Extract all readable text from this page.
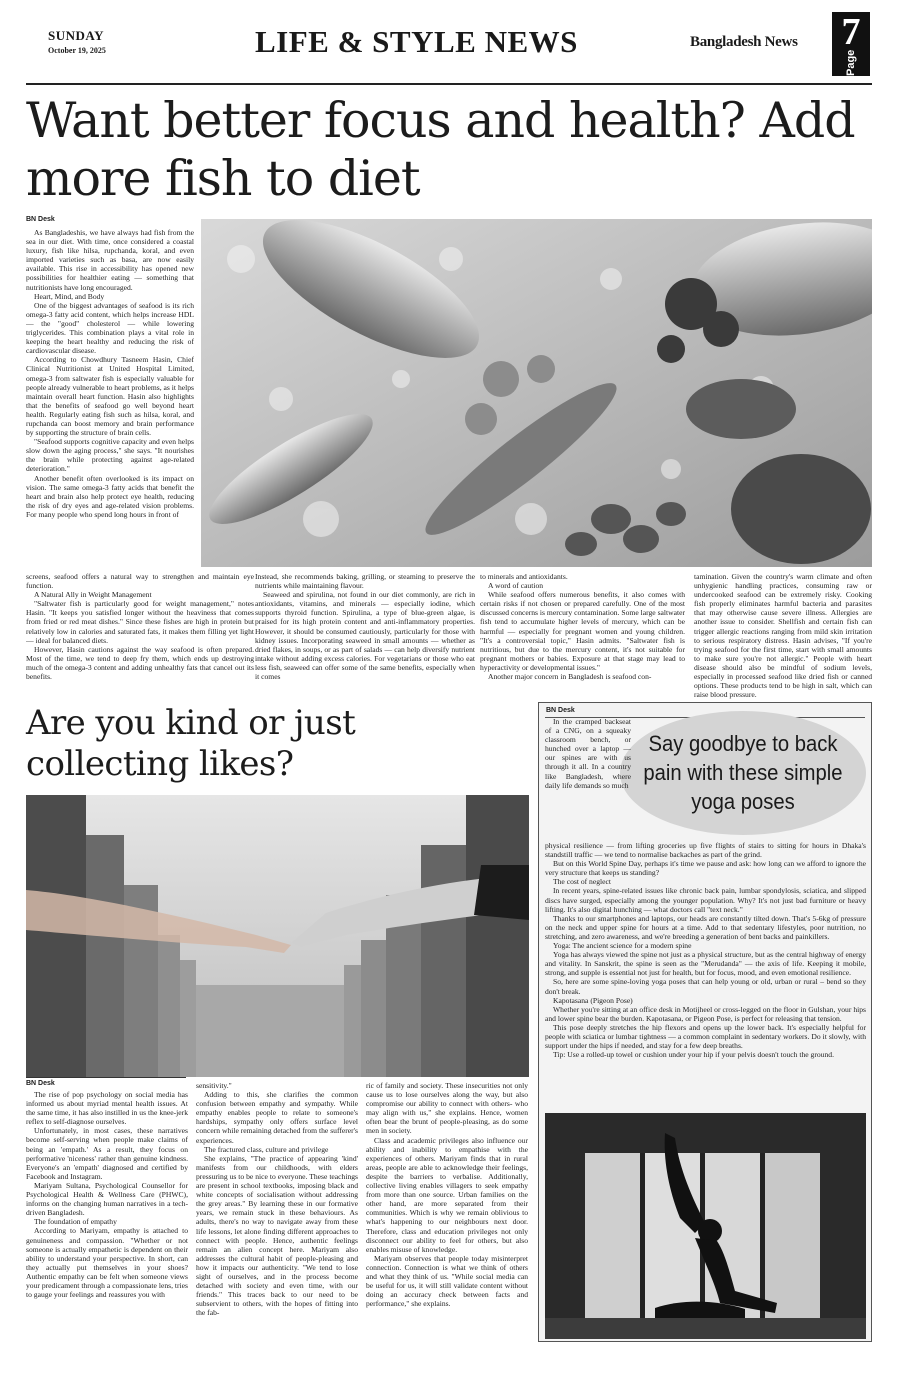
SUNDAY
October 19, 2025	LIFE & STYLE NEWS	Bangladesh News 7
Page
Want better focus and health? Add more fish to diet
BN Desk

As Bangladeshis, we have always had fish from the sea in our diet. With time, once considered a coastal luxury, fish like hilsa, rupchanda, koral, and even imported varieties such as basa, are now easily available. This rise in accessibility has opened new possibilities for healthier eating — something that nutritionists have long encouraged.

Heart, Mind, and Body

One of the biggest advantages of seafood is its rich omega-3 fatty acid content, which helps increase HDL — the "good" cholesterol — while lowering triglycerides. This combination plays a vital role in keeping the heart healthy and reducing the risk of cardiovascular disease.

According to Chowdhury Tasneem Hasin, Chief Clinical Nutritionist at United Hospital Limited, omega-3 from saltwater fish is especially valuable for people already vulnerable to heart problems, as it helps maintain overall heart function. Hasin also highlights that the benefits of seafood go well beyond heart health. Regularly eating fish such as hilsa, koral, and rupchanda can boost memory and brain performance by supporting the structure of brain cells.

"Seafood supports cognitive capacity and even helps slow down the aging process," she says. "It nourishes the brain while protecting against age-related deterioration."

Another benefit often overlooked is its impact on vision. The same omega-3 fatty acids that benefit the heart and brain also help protect eye health, reducing the risk of dry eyes and age-related vision problems. For many people who spend long hours in front of

screens, seafood offers a natural way to strengthen and maintain eye function.

A Natural Ally in Weight Management

"Saltwater fish is particularly good for weight management," notes Hasin. "It keeps you satisfied longer without the heaviness that comes from fried or red meat dishes." Since these fishes are high in protein but relatively low in calories and saturated fats, it makes them filling yet light — ideal for balanced diets.

However, Hasin cautions against the way seafood is often prepared. Most of the time, we tend to deep fry them, which ends up destroying much of the omega-3 content and adding unhealthy fats that cancel out its benefits.

Instead, she recommends baking, grilling, or steaming to preserve the nutrients while maintaining flavour.

Seaweed and spirulina, not found in our diet commonly, are rich in antioxidants, vitamins, and minerals — especially iodine, which supports thyroid function. Spirulina, a type of blue-green algae, is praised for its high protein content and anti-inflammatory properties. However, it should be consumed cautiously, particularly for those with kidney issues. Incorporating seaweed in small amounts — whether as dried flakes, in soups, or as part of salads — can help diversify nutrient intake without adding excess calories. For vegetarians or those who eat less fish, seaweed can offer some of the same benefits, especially when it comes

to minerals and antioxidants.

A word of caution

While seafood offers numerous benefits, it also comes with certain risks if not chosen or prepared carefully. One of the most discussed concerns is mercury contamination. Some large saltwater fish tend to accumulate higher levels of mercury, which can be harmful — especially for pregnant women and young children. "It's a controversial topic," Hasin admits. "Saltwater fish is nutritious, but due to the mercury content, it's not suitable for pregnant mothers or babies. Exposure at that stage may lead to hyperactivity or developmental issues."

Another major concern in Bangladesh is seafood con-

tamination. Given the country's warm climate and often unhygienic handling practices, consuming raw or undercooked seafood can be extremely risky. Cooking fish properly eliminates harmful bacteria and parasites that may otherwise cause severe illness. Allergies are another issue to consider. Shellfish and certain fish can trigger allergic reactions ranging from mild skin irritation to serious respiratory distress. Hasin advises, "If you're trying seafood for the first time, start with small amounts to make sure you're not allergic." People with heart disease should also be mindful of sodium levels, especially in processed seafood like dried fish or canned options. These products tend to be high in salt, which can raise blood pressure.

Are you kind or just collecting likes?
BN Desk

The rise of pop psychology on social media has informed us about myriad mental health issues. At the same time, it has also instilled in us the knee-jerk reflex to self-diagnose ourselves.

Unfortunately, in most cases, these narratives become self-serving when people make claims of being an 'empath.' As a result, they focus on performative 'niceness' rather than genuine kindness. Everyone's an 'empath' diagnosed and certified by Facebook and Instagram.

Mariyam Sultana, Psychological Counsellor for Psychological Health & Wellness Care (PHWC), informs on the changing human narratives in a tech-driven Bangladesh.

The foundation of empathy

According to Mariyam, empathy is attached to genuineness and compassion. "Whether or not someone is actually empathetic is dependent on their ability to understand your perspective. In short, can they actually put themselves in your shoes? Authentic empathy can be felt when someone views your predicament through a compassionate lens, tries to gauge your feelings and reassures you with

sensitivity."

Adding to this, she clarifies the common confusion between empathy and sympathy. While empathy enables people to relate to someone's hardships, sympathy only offers surface level concern while remaining detached from the sufferer's experiences.

The fractured class, culture and privilege

She explains, "The practice of appearing 'kind' manifests from our childhoods, with elders pressuring us to be nice to everyone. These teachings are present in school textbooks, imposing black and white concepts of socialisation without addressing the grey areas." By learning these in our formative years, we remain stuck in these behaviours. As adults, there's no way to navigate away from these life lessons, let alone finding different approaches to connect with people. Hence, authentic feelings remain an alien concept here. Mariyam also addresses the cultural habit of people-pleasing and how it impacts our authenticity. "We tend to lose sight of ourselves, and in the process become detached with society and even time, with our friends." This traces back to our need to be subservient to others, with the hopes of fitting into the fab-

ric of family and society. These insecurities not only cause us to lose ourselves along the way, but also compromise our ability to connect with others- who may align with us," she explains. Hence, women often bear the brunt of people-pleasing, as do some men in society.

Class and academic privileges also influence our ability and inability to empathise with the experiences of others. Mariyam finds that in rural areas, people are able to acknowledge their feelings, despite the barriers to verbalise. Additionally, collective living enables villagers to seek empathy from more than one source. Urban families on the other hand, are more separated from their communities. Which is why we remain oblivious to what's happening to our neighbours next door. Therefore, class and education privileges not only disconnect our ability to feel for others, but also enables misuse of knowledge.

Mariyam observes that people today misinterpret connection. Connection is what we think of others and what they think of us. "While social media can be useful for us, it will still validate content without doing an accuracy check between facts and performance," she explains.

BN Desk
Say goodbye to back pain with these simple yoga poses

In the cramped backseat of a CNG, on a squeaky classroom bench, or hunched over a laptop — our spines are with us through it all. In a country like Bangladesh, where daily life demands so much

physical resilience — from lifting groceries up five flights of stairs to sitting for hours in Dhaka's standstill traffic — we tend to normalise backaches as part of the grind.

But on this World Spine Day, perhaps it's time we pause and ask: how long can we afford to ignore the very structure that keeps us standing?

The cost of neglect

In recent years, spine-related issues like chronic back pain, lumbar spondylosis, sciatica, and slipped discs have surged, especially among the younger population. Why? It's not just bad furniture or heavy lifting. It's also digital hunching — what doctors call "text neck."

Thanks to our smartphones and laptops, our heads are constantly tilted down. That's 5-6kg of pressure on the neck and upper spine for hours at a time. Add to that sedentary lifestyles, poor nutrition, no stretching, and zero awareness, and we're breeding a generation of bent backs and painkillers.

Yoga: The ancient science for a modern spine

Yoga has always viewed the spine not just as a physical structure, but as the central highway of energy and vitality. In Sanskrit, the spine is seen as the "Merudanda" — the axis of life. Keeping it mobile, strong, and supple is essential not just for health, but for focus, mood, and even emotional resilience.

So, here are some spine-loving yoga poses that can help young or old, urban or rural – bend so they don't break.

Kapotasana (Pigeon Pose)

Whether you're sitting at an office desk in Motijheel or cross-legged on the floor in Gulshan, your hips and lower spine bear the burden. Kapotasana, or Pigeon Pose, is perfect for releasing that tension.

This pose deeply stretches the hip flexors and opens up the lower back. It's especially helpful for people with sciatica or lumbar tightness — a common complaint in sedentary workers. Do it slowly, with support under the hips if needed, and stay for a few deep breaths.

Tip: Use a rolled-up towel or cushion under your hip if your pelvis doesn't touch the ground.
